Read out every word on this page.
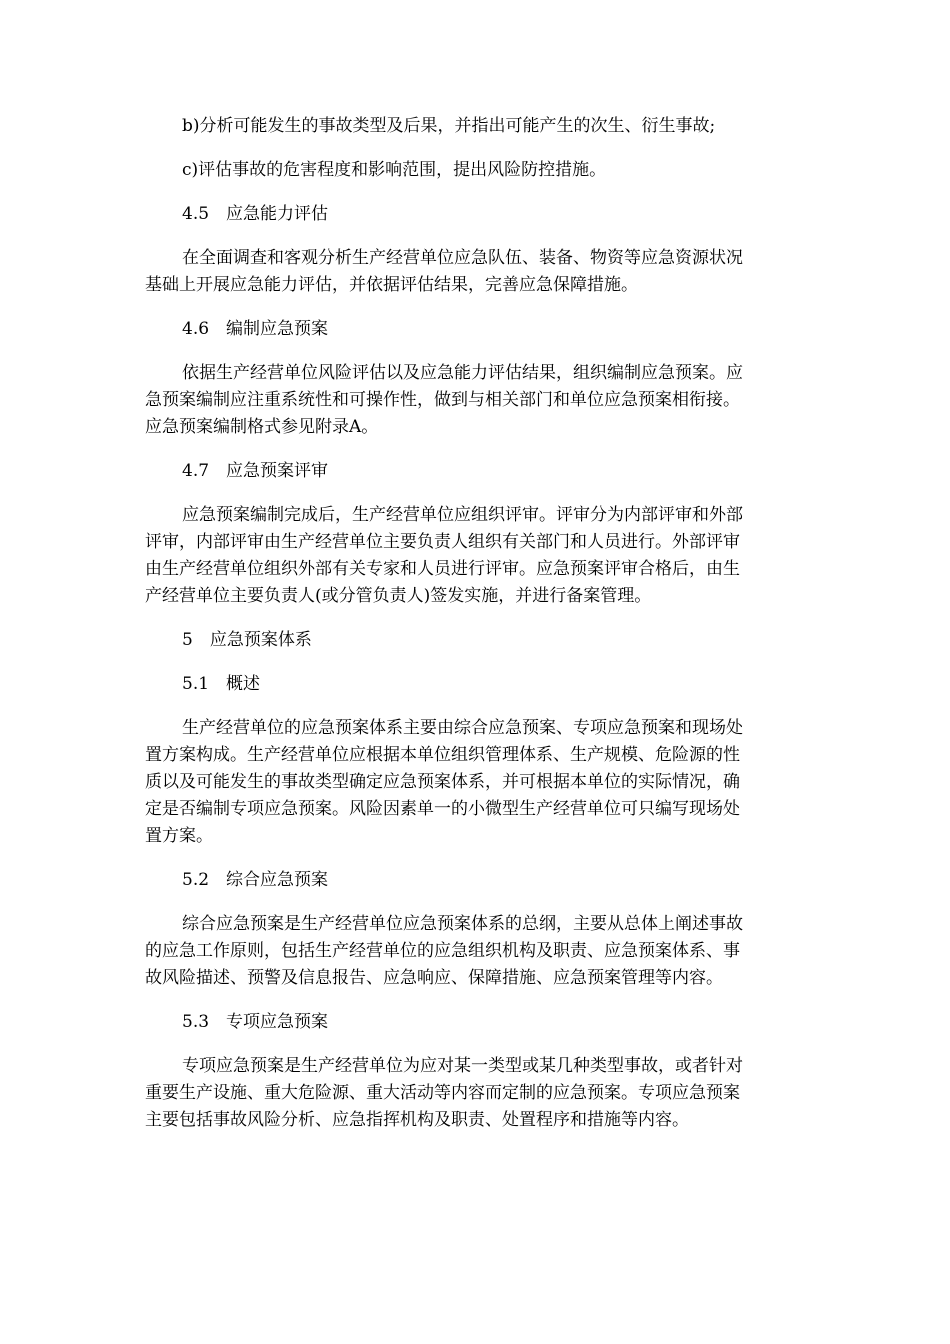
b)分析可能发生的事故类型及后果，并指出可能产生的次生、衍生事故;
c)评估事故的危害程度和影响范围，提出风险防控措施。
4.5　应急能力评估
在全面调查和客观分析生产经营单位应急队伍、装备、物资等应急资源状况
基础上开展应急能力评估，并依据评估结果，完善应急保障措施。
4.6　编制应急预案
依据生产经营单位风险评估以及应急能力评估结果，组织编制应急预案。应
急预案编制应注重系统性和可操作性，做到与相关部门和单位应急预案相衔接。
应急预案编制格式参见附录A。
4.7　应急预案评审
应急预案编制完成后，生产经营单位应组织评审。评审分为内部评审和外部
评审，内部评审由生产经营单位主要负责人组织有关部门和人员进行。外部评审
由生产经营单位组织外部有关专家和人员进行评审。应急预案评审合格后，由生
产经营单位主要负责人(或分管负责人)签发实施，并进行备案管理。
5　应急预案体系
5.1　概述
生产经营单位的应急预案体系主要由综合应急预案、专项应急预案和现场处
置方案构成。生产经营单位应根据本单位组织管理体系、生产规模、危险源的性
质以及可能发生的事故类型确定应急预案体系，并可根据本单位的实际情况，确
定是否编制专项应急预案。风险因素单一的小微型生产经营单位可只编写现场处
置方案。
5.2　综合应急预案
综合应急预案是生产经营单位应急预案体系的总纲，主要从总体上阐述事故
的应急工作原则，包括生产经营单位的应急组织机构及职责、应急预案体系、事
故风险描述、预警及信息报告、应急响应、保障措施、应急预案管理等内容。
5.3　专项应急预案
专项应急预案是生产经营单位为应对某一类型或某几种类型事故，或者针对
重要生产设施、重大危险源、重大活动等内容而定制的应急预案。专项应急预案
主要包括事故风险分析、应急指挥机构及职责、处置程序和措施等内容。
